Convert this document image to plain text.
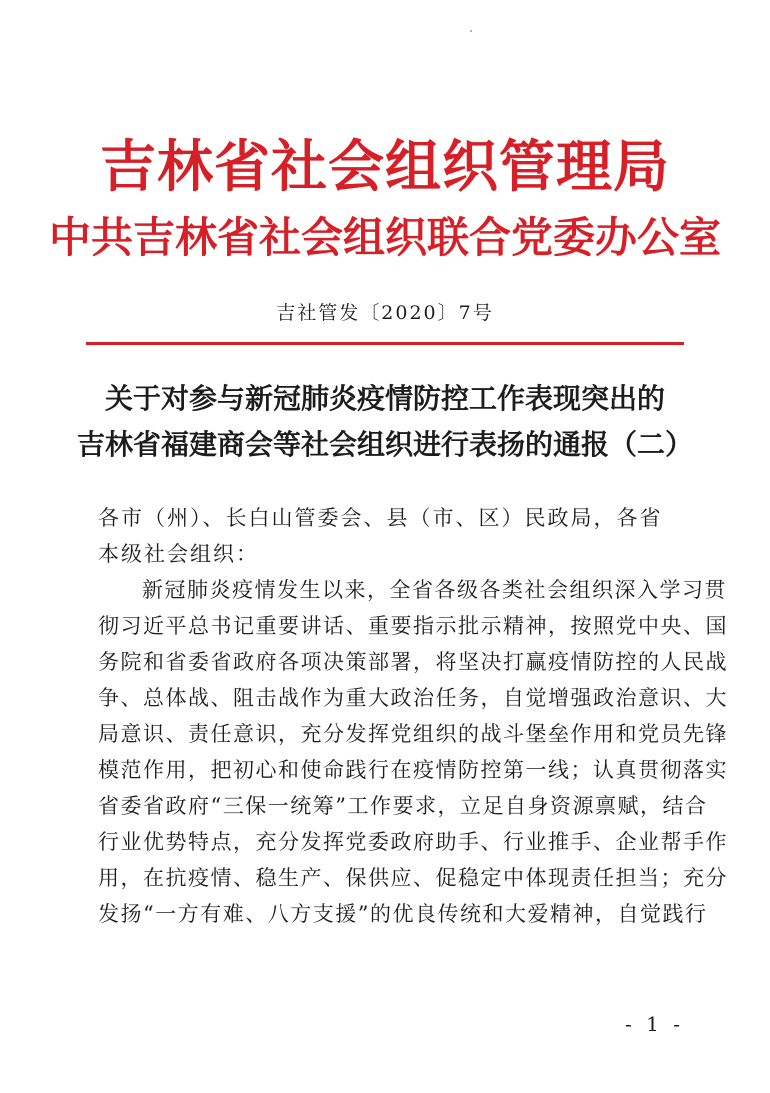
吉林省社会组织管理局
中共吉林省社会组织联合党委办公室
吉社管发〔2020〕7号
关于对参与新冠肺炎疫情防控工作表现突出的
吉林省福建商会等社会组织进行表扬的通报（二）
各市（州）、长白山管委会、县（市、区）民政局，各省本级社会组织：
新冠肺炎疫情发生以来，全省各级各类社会组织深入学习贯
彻习近平总书记重要讲话、重要指示批示精神，按照党中央、国
务院和省委省政府各项决策部署，将坚决打赢疫情防控的人民战
争、总体战、阻击战作为重大政治任务，自觉增强政治意识、大
局意识、责任意识，充分发挥党组织的战斗堡垒作用和党员先锋
模范作用，把初心和使命践行在疫情防控第一线；认真贯彻落实
省委省政府“三保一统筹”工作要求，立足自身资源禀赋，结合
行业优势特点，充分发挥党委政府助手、行业推手、企业帮手作
用，在抗疫情、稳生产、保供应、促稳定中体现责任担当；充分
发扬“一方有难、八方支援”的优良传统和大爱精神，自觉践行
- 1 -
